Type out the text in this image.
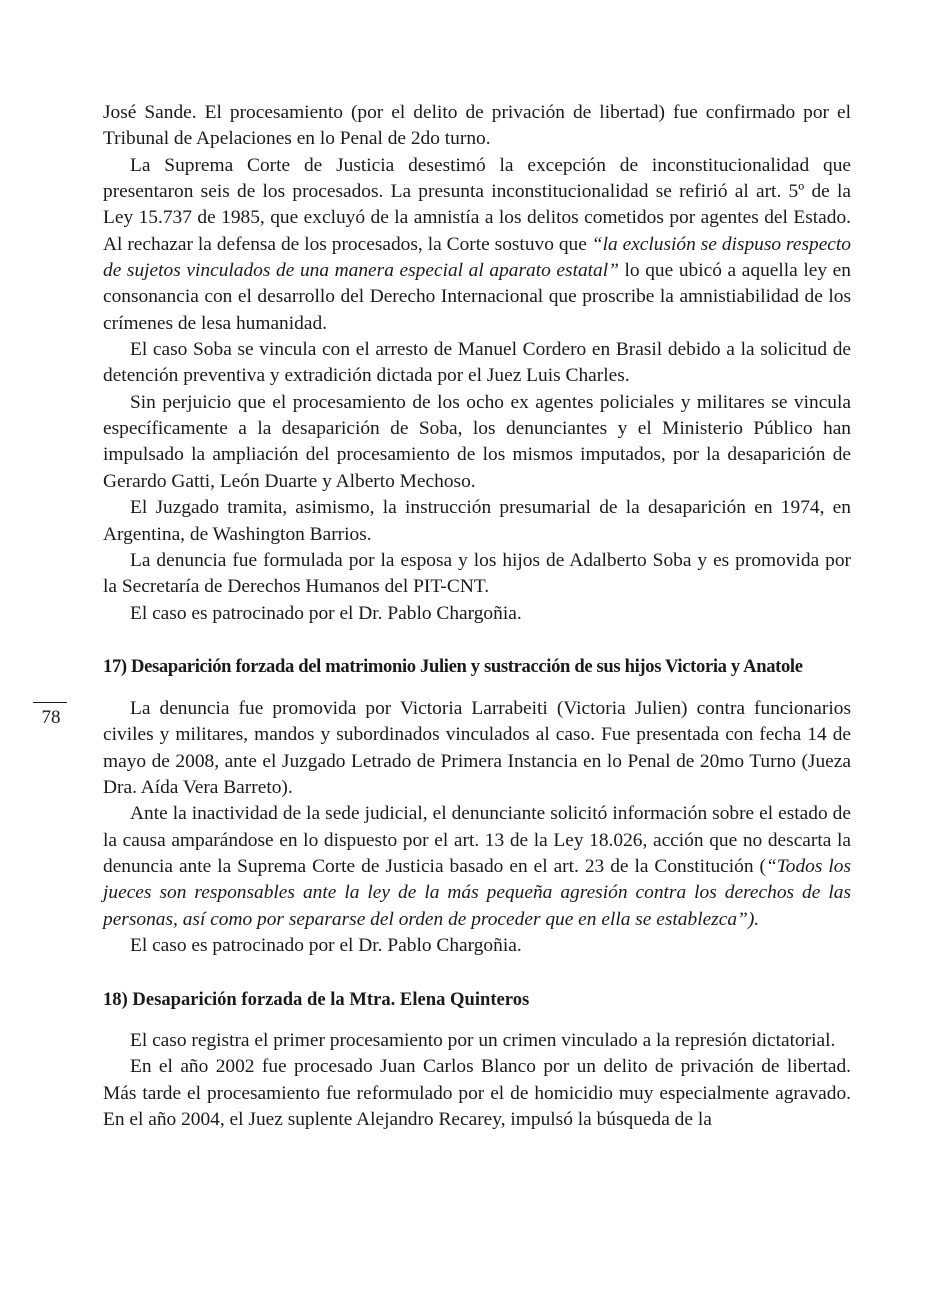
José Sande. El procesamiento (por el delito de privación de libertad) fue confirmado por el Tribunal de Apelaciones en lo Penal de 2do turno.

La Suprema Corte de Justicia desestimó la excepción de inconstitucionalidad que presentaron seis de los procesados. La presunta inconstitucionalidad se refirió al art. 5º de la Ley 15.737 de 1985, que excluyó de la amnistía a los delitos cometidos por agentes del Estado. Al rechazar la defensa de los procesados, la Corte sostuvo que “la exclusión se dispuso respecto de sujetos vinculados de una manera especial al aparato estatal” lo que ubicó a aquella ley en consonancia con el desarrollo del Derecho Internacional que proscribe la amnistiabilidad de los crímenes de lesa humanidad.

El caso Soba se vincula con el arresto de Manuel Cordero en Brasil debido a la solicitud de detención preventiva y extradición dictada por el Juez Luis Charles.

Sin perjuicio que el procesamiento de los ocho ex agentes policiales y militares se vincula específicamente a la desaparición de Soba, los denunciantes y el Ministerio Público han impulsado la ampliación del procesamiento de los mismos imputados, por la desaparición de Gerardo Gatti, León Duarte y Alberto Mechoso.

El Juzgado tramita, asimismo, la instrucción presumarial de la desaparición en 1974, en Argentina, de Washington Barrios.

La denuncia fue formulada por la esposa y los hijos de Adalberto Soba y es promovida por la Secretaría de Derechos Humanos del PIT-CNT.

El caso es patrocinado por el Dr. Pablo Chargoñia.

17) Desaparición forzada del matrimonio Julien y sustracción de sus hijos Victoria y Anatole
78	La denuncia fue promovida por Victoria Larrabeiti (Victoria Julien) contra funcionarios civiles y militares, mandos y subordinados vinculados al caso. Fue presentada con fecha 14 de mayo de 2008, ante el Juzgado Letrado de Primera Instancia en lo Penal de 20mo Turno (Jueza Dra. Aída Vera Barreto).

Ante la inactividad de la sede judicial, el denunciante solicitó información sobre el estado de la causa amparándose en lo dispuesto por el art. 13 de la Ley 18.026, acción que no descarta la denuncia ante la Suprema Corte de Justicia basado en el art. 23 de la Constitución (“Todos los jueces son responsables ante la ley de la más pequeña agresión contra los derechos de las personas, así como por separarse del orden de proceder que en ella se establezca”).

El caso es patrocinado por el Dr. Pablo Chargoñia.

18) Desaparición forzada de la Mtra. Elena Quinteros

El caso registra el primer procesamiento por un crimen vinculado a la represión dictatorial.

En el año 2002 fue procesado Juan Carlos Blanco por un delito de privación de libertad. Más tarde el procesamiento fue reformulado por el de homicidio muy especialmente agravado. En el año 2004, el Juez suplente Alejandro Recarey, impulsó la búsqueda de la
